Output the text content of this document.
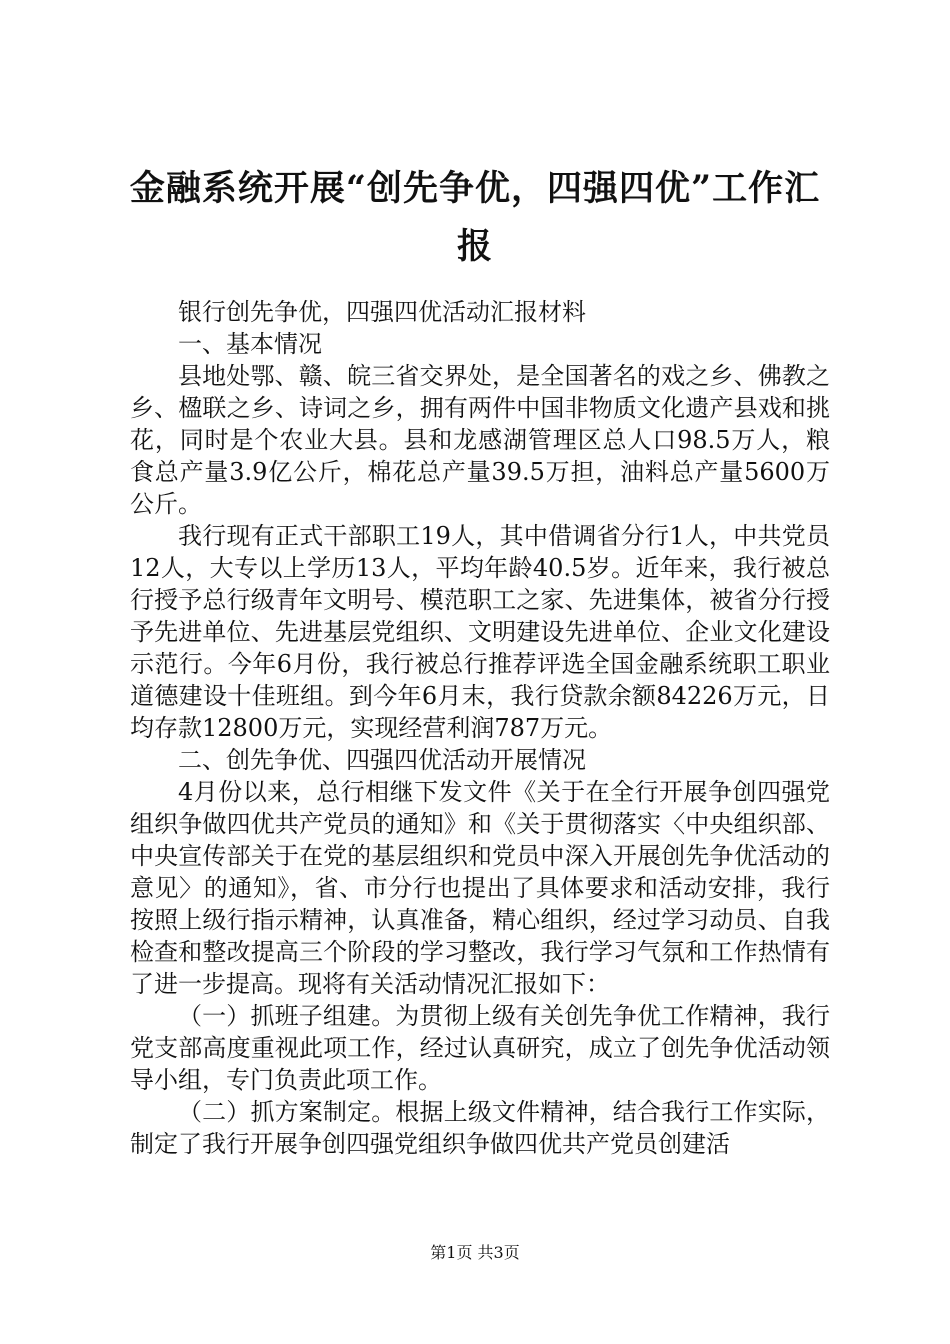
金融系统开展“创先争优，四强四优”工作汇报

银行创先争优，四强四优活动汇报材料

一、基本情况

县地处鄂、赣、皖三省交界处，是全国著名的戏之乡、佛教之乡、楹联之乡、诗词之乡，拥有两件中国非物质文化遗产县戏和挑花，同时是个农业大县。县和龙感湖管理区总人口98.5万人，粮食总产量3.9亿公斤，棉花总产量39.5万担，油料总产量5600万公斤。

我行现有正式干部职工19人，其中借调省分行1人，中共党员12人，大专以上学历13人，平均年龄40.5岁。近年来，我行被总行授予总行级青年文明号、模范职工之家、先进集体，被省分行授予先进单位、先进基层党组织、文明建设先进单位、企业文化建设示范行。今年6月份，我行被总行推荐评选全国金融系统职工职业道德建设十佳班组。到今年6月末，我行贷款余额84226万元，日均存款12800万元，实现经营利润787万元。

二、创先争优、四强四优活动开展情况

4月份以来，总行相继下发文件《关于在全行开展争创四强党组织争做四优共产党员的通知》和《关于贯彻落实〈中央组织部、中央宣传部关于在党的基层组织和党员中深入开展创先争优活动的意见〉的通知》，省、市分行也提出了具体要求和活动安排，我行按照上级行指示精神，认真准备，精心组织，经过学习动员、自我检查和整改提高三个阶段的学习整改，我行学习气氛和工作热情有了进一步提高。现将有关活动情况汇报如下：

（一）抓班子组建。为贯彻上级有关创先争优工作精神，我行党支部高度重视此项工作，经过认真研究，成立了创先争优活动领导小组，专门负责此项工作。

（二）抓方案制定。根据上级文件精神，结合我行工作实际，制定了我行开展争创四强党组织争做四优共产党员创建活

第1页 共3页
